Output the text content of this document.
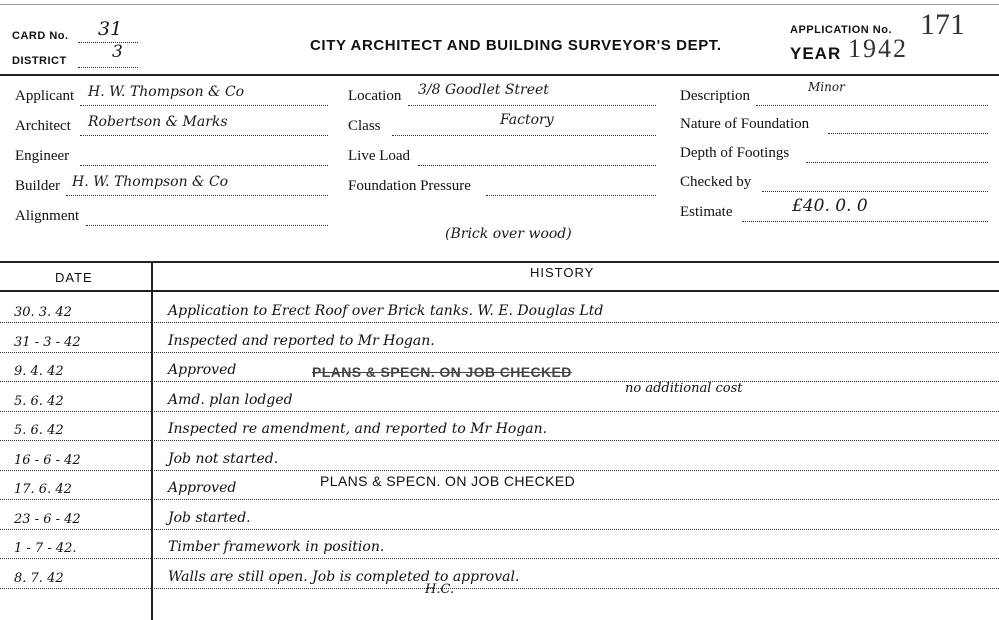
CARD No. 31
DISTRICT	3	CITY ARCHITECT AND BUILDING SURVEYOR'S DEPT.
APPLICATION No. 171
YEAR 1942
Applicant H. W. Thompson & Co
Architect Robertson & Marks
Engineer
Builder H. W. Thompson & Co
Alignment
Location 3/8 Goodlet Street
Class	Factory
Live Load
Foundation Pressure
(Brick over wood)
Description
Minor
Nature of Foundation
Depth of Footings
Checked by
Estimate	£40. 0. 0
DATE	HISTORY
30. 3. 42	Application to Erect Roof over Brick tanks. W. E. Douglas Ltd
31 - 3 - 42	Inspected and reported to Mr Hogan.
9. 4. 42	Approved	PLANS & SPECN. ON JOB CHECKED
5. 6. 42	Amd. plan lodged
no additional cost
5. 6. 42	Inspected re amendment, and reported to Mr Hogan.
16 - 6 - 42	Job not started.
17. 6. 42	Approved	PLANS & SPECN. ON JOB CHECKED
23 - 6 - 42	Job started.
1 - 7 - 42.	Timber framework in position.
8. 7. 42	Walls are still open. Job is completed to approval.
H.C.
